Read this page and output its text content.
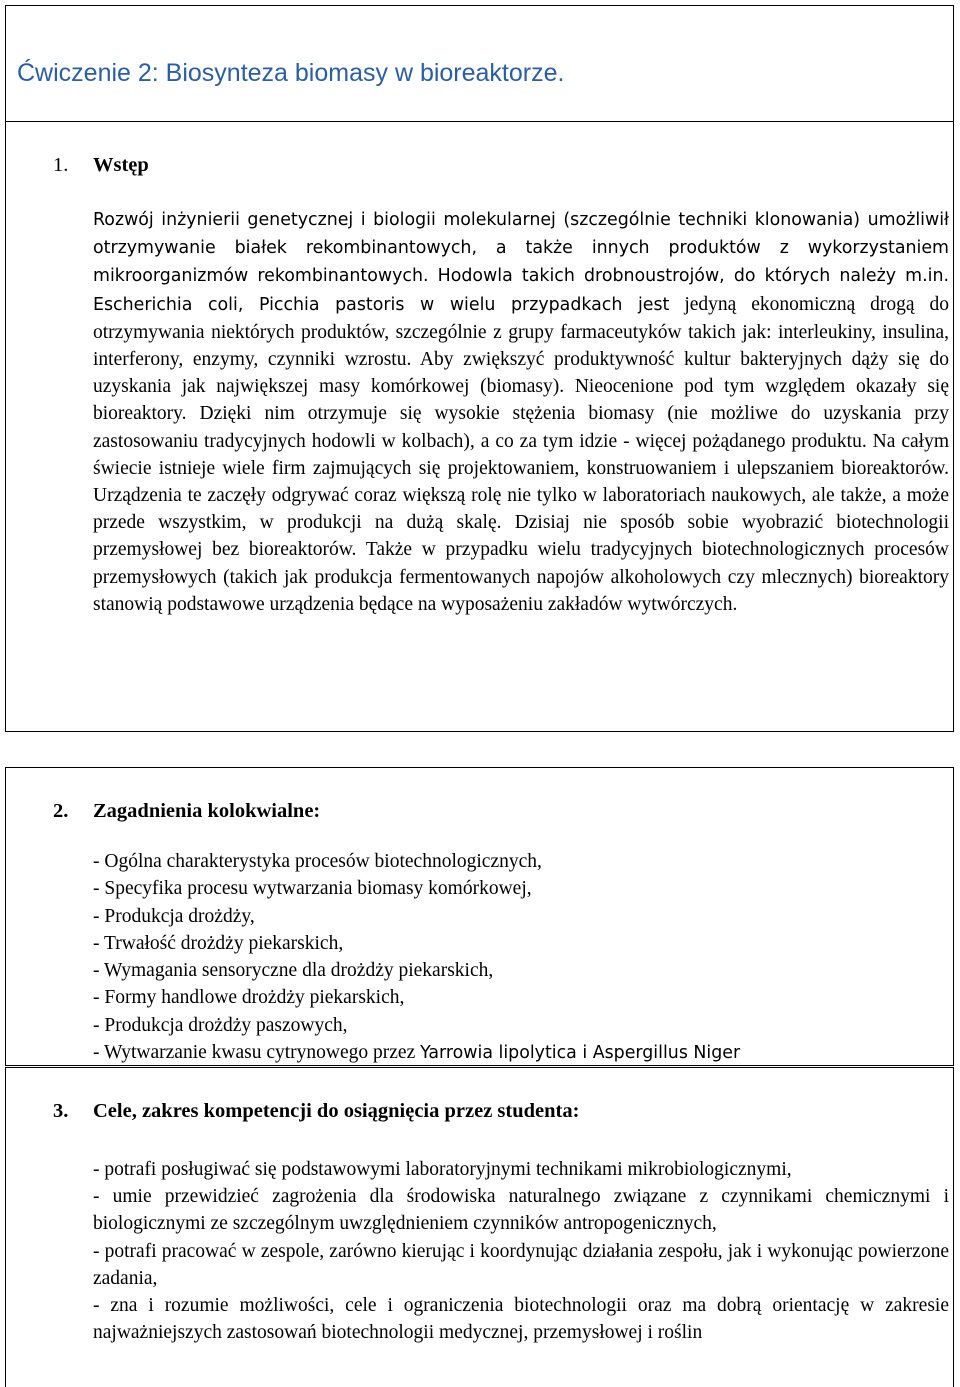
Ćwiczenie 2: Biosynteza biomasy w bioreaktorze.
1. Wstęp

Rozwój inżynierii genetycznej i biologii molekularnej (szczególnie techniki klonowania) umożliwił otrzymywanie białek rekombinantowych, a także innych produktów z wykorzystaniem mikroorganizmów rekombinantowych. Hodowla takich drobnoustrojów, do których należy m.in. Escherichia coli, Picchia pastoris w wielu przypadkach jest jedyną ekonomiczną drogą do otrzymywania niektórych produktów, szczególnie z grupy farmaceutyków takich jak: interleukiny, insulina, interferony, enzymy, czynniki wzrostu. Aby zwiększyć produktywność kultur bakteryjnych dąży się do uzyskania jak największej masy komórkowej (biomasy). Nieocenione pod tym względem okazały się bioreaktory. Dzięki nim otrzymuje się wysokie stężenia biomasy (nie możliwe do uzyskania przy zastosowaniu tradycyjnych hodowli w kolbach), a co za tym idzie - więcej pożądanego produktu. Na całym świecie istnieje wiele firm zajmujących się projektowaniem, konstruowaniem i ulepszaniem bioreaktorów. Urządzenia te zaczęły odgrywać coraz większą rolę nie tylko w laboratoriach naukowych, ale także, a może przede wszystkim, w produkcji na dużą skalę. Dzisiaj nie sposób sobie wyobrazić biotechnologii przemysłowej bez bioreaktorów. Także w przypadku wielu tradycyjnych biotechnologicznych procesów przemysłowych (takich jak produkcja fermentowanych napojów alkoholowych czy mlecznych) bioreaktory stanowią podstawowe urządzenia będące na wyposażeniu zakładów wytwórczych.

2. Zagadnienia kolokwialne:
- Ogólna charakterystyka procesów biotechnologicznych,
- Specyfika procesu wytwarzania biomasy komórkowej,
- Produkcja drożdży,
- Trwałość drożdży piekarskich,
- Wymagania sensoryczne dla drożdży piekarskich,
- Formy handlowe drożdży piekarskich,
- Produkcja drożdży paszowych,
- Wytwarzanie kwasu cytrynowego przez Yarrowia lipolytica i Aspergillus Niger
3. Cele, zakres kompetencji do osiągnięcia przez studenta:
- potrafi posługiwać się podstawowymi laboratoryjnymi technikami mikrobiologicznymi,
- umie przewidzieć zagrożenia dla środowiska naturalnego związane z czynnikami chemicznymi i biologicznymi ze szczególnym uwzględnieniem czynników antropogenicznych,
- potrafi pracować w zespole, zarówno kierując i koordynując działania zespołu, jak i wykonując powierzone zadania,
- zna i rozumie możliwości, cele i ograniczenia biotechnologii oraz ma dobrą orientację w zakresie najważniejszych zastosowań biotechnologii medycznej, przemysłowej i roślin
